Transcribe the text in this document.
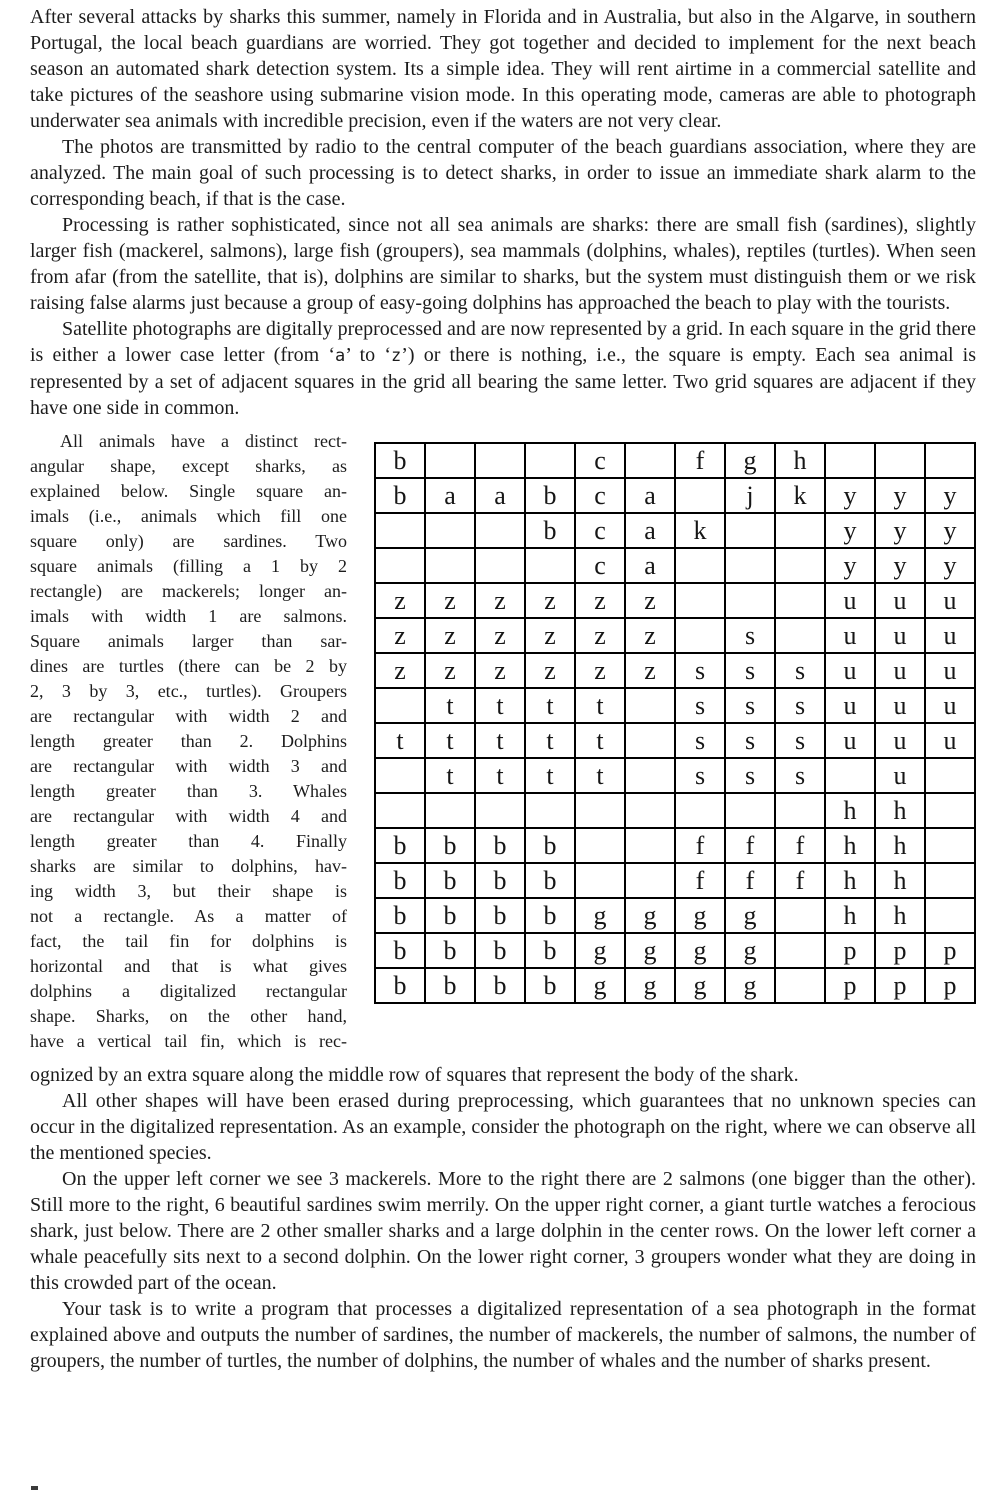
After several attacks by sharks this summer, namely in Florida and in Australia, but also in the Algarve, in southern Portugal, the local beach guardians are worried. They got together and decided to implement for the next beach season an automated shark detection system. Its a simple idea. They will rent airtime in a commercial satellite and take pictures of the seashore using submarine vision mode. In this operating mode, cameras are able to photograph underwater sea animals with incredible precision, even if the waters are not very clear.

The photos are transmitted by radio to the central computer of the beach guardians association, where they are analyzed. The main goal of such processing is to detect sharks, in order to issue an immediate shark alarm to the corresponding beach, if that is the case.

Processing is rather sophisticated, since not all sea animals are sharks: there are small fish (sardines), slightly larger fish (mackerel, salmons), large fish (groupers), sea mammals (dolphins, whales), reptiles (turtles). When seen from afar (from the satellite, that is), dolphins are similar to sharks, but the system must distinguish them or we risk raising false alarms just because a group of easy-going dolphins has approached the beach to play with the tourists.

Satellite photographs are digitally preprocessed and are now represented by a grid. In each square in the grid there is either a lower case letter (from ‘a’ to ‘z’) or there is nothing, i.e., the square is empty. Each sea animal is represented by a set of adjacent squares in the grid all bearing the same letter. Two grid squares are adjacent if they have one side in common.

All animals have a distinct rect-
angular shape, except sharks, as
explained below. Single square an-
imals (i.e., animals which fill one
square only) are sardines. Two
square animals (filling a 1 by 2
rectangle) are mackerels; longer an-
imals with width 1 are salmons.
Square animals larger than sar-
dines are turtles (there can be 2 by
2, 3 by 3, etc., turtles). Groupers
are rectangular with width 2 and
length greater than 2. Dolphins
are rectangular with width 3 and
length greater than 3. Whales
are rectangular with width 4 and
length greater than 4. Finally
sharks are similar to dolphins, hav-
ing width 3, but their shape is
not a rectangle. As a matter of
fact, the tail fin for dolphins is
horizontal and that is what gives
dolphins a digitalized rectangular
shape. Sharks, on the other hand,
have a vertical tail fin, which is rec-
b				c		f	g	h			
b	a	a	b	c	a		j	k	y	y	y
			b	c	a	k			y	y	y
				c	a				y	y	y
z	z	z	z	z	z				u	u	u
z	z	z	z	z	z		s		u	u	u
z	z	z	z	z	z	s	s	s	u	u	u
	t	t	t	t		s	s	s	u	u	u
t	t	t	t	t		s	s	s	u	u	u
	t	t	t	t		s	s	s		u	
									h	h	
b	b	b	b			f	f	f	h	h	
b	b	b	b			f	f	f	h	h	
b	b	b	b	g	g	g	g		h	h	
b	b	b	b	g	g	g	g		p	p	p
b	b	b	b	g	g	g	g		p	p	p

ognized by an extra square along the middle row of squares that represent the body of the shark.

All other shapes will have been erased during preprocessing, which guarantees that no unknown species can occur in the digitalized representation. As an example, consider the photograph on the right, where we can observe all the mentioned species.

On the upper left corner we see 3 mackerels. More to the right there are 2 salmons (one bigger than the other). Still more to the right, 6 beautiful sardines swim merrily. On the upper right corner, a giant turtle watches a ferocious shark, just below. There are 2 other smaller sharks and a large dolphin in the center rows. On the lower left corner a whale peacefully sits next to a second dolphin. On the lower right corner, 3 groupers wonder what they are doing in this crowded part of the ocean.

Your task is to write a program that processes a digitalized representation of a sea photograph in the format explained above and outputs the number of sardines, the number of mackerels, the number of salmons, the number of groupers, the number of turtles, the number of dolphins, the number of whales and the number of sharks present.
